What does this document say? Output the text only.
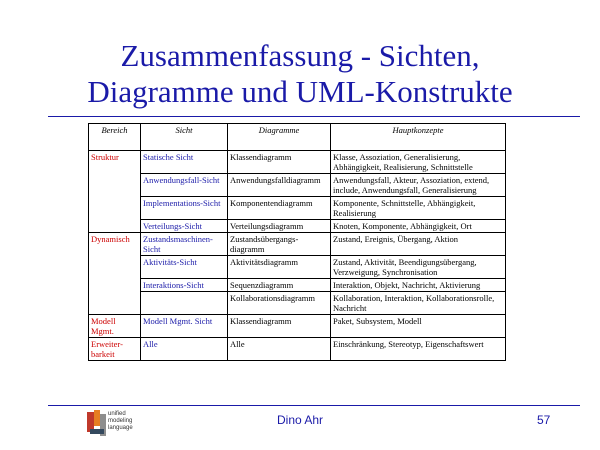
Zusammenfassung - Sichten,
Diagramme und UML-Konstrukte
Bereich	Sicht	Diagramme	Hauptkonzepte
Struktur	Statische Sicht	Klassendiagramm	Klasse, Assoziation, Generalisierung, Abhängigkeit, Realisierung, Schnittstelle
	Anwendungsfall-Sicht	Anwendungsfalldiagramm	Anwendungsfall, Akteur, Assoziation, extend, include, Anwendungsfall, Generalisierung
	Implementations-Sicht	Komponentendiagramm	Komponente, Schnittstelle, Abhängigkeit, Realisierung
	Verteilungs-Sicht	Verteilungsdiagramm	Knoten, Komponente, Abhängigkeit, Ort
Dynamisch	Zustandsmaschinen-Sicht	Zustandsübergangs-diagramm	Zustand, Ereignis, Übergang, Aktion
	Aktivitäts-Sicht	Aktivitätsdiagramm	Zustand, Aktivität, Beendigungsübergang, Verzweigung, Synchronisation
	Interaktions-Sicht	Sequenzdiagramm	Interaktion, Objekt, Nachricht, Aktivierung
		Kollaborationsdiagramm	Kollaboration, Interaktion, Kollaborationsrolle, Nachricht
Modell Mgmt.	Modell Mgmt. Sicht	Klassendiagramm	Paket, Subsystem, Modell
Erweiter-barkeit	Alle	Alle	Einschränkung, Stereotyp, Eigenschaftswert
unified
modeling
language
Dino Ahr	57
